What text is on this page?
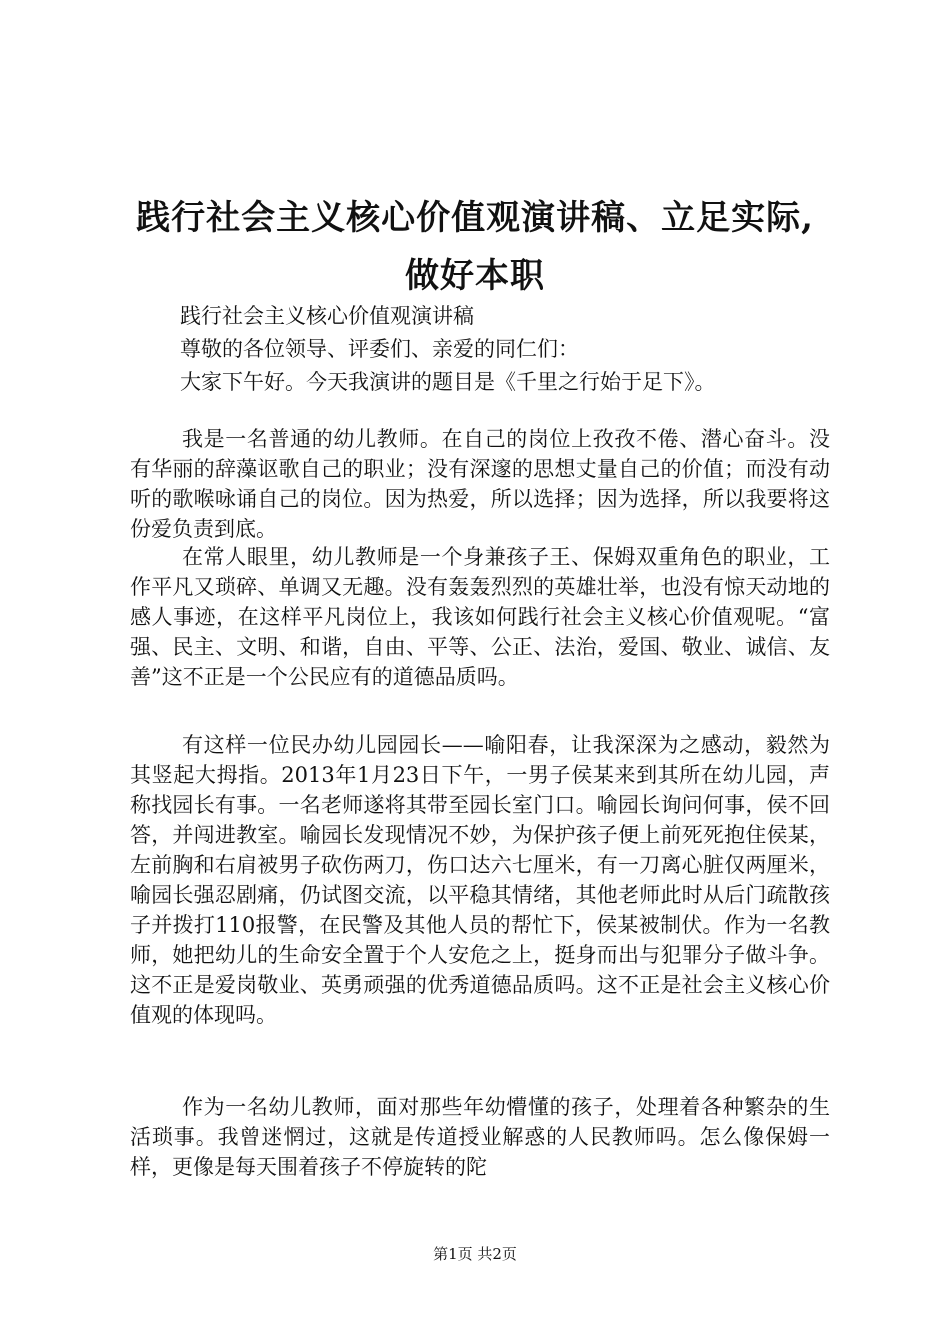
践行社会主义核心价值观演讲稿、立足实际,
做好本职
践行社会主义核心价值观演讲稿
尊敬的各位领导、评委们、亲爱的同仁们：
大家下午好。今天我演讲的题目是《千里之行始于足下》。
我是一名普通的幼儿教师。在自己的岗位上孜孜不倦、潜心奋斗。没有华丽的辞藻讴歌自己的职业；没有深邃的思想丈量自己的价值；而没有动听的歌喉咏诵自己的岗位。因为热爱，所以选择；因为选择，所以我要将这份爱负责到底。
在常人眼里，幼儿教师是一个身兼孩子王、保姆双重角色的职业，工作平凡又琐碎、单调又无趣。没有轰轰烈烈的英雄壮举，也没有惊天动地的感人事迹，在这样平凡岗位上，我该如何践行社会主义核心价值观呢。“富强、民主、文明、和谐，自由、平等、公正、法治，爱国、敬业、诚信、友善”这不正是一个公民应有的道德品质吗。
有这样一位民办幼儿园园长——喻阳春，让我深深为之感动，毅然为其竖起大拇指。2013年1月23日下午，一男子侯某来到其所在幼儿园，声称找园长有事。一名老师遂将其带至园长室门口。喻园长询问何事，侯不回答，并闯进教室。喻园长发现情况不妙，为保护孩子便上前死死抱住侯某，左前胸和右肩被男子砍伤两刀，伤口达六七厘米，有一刀离心脏仅两厘米，喻园长强忍剧痛，仍试图交流，以平稳其情绪，其他老师此时从后门疏散孩子并拨打110报警，在民警及其他人员的帮忙下，侯某被制伏。作为一名教师，她把幼儿的生命安全置于个人安危之上，挺身而出与犯罪分子做斗争。这不正是爱岗敬业、英勇顽强的优秀道德品质吗。这不正是社会主义核心价值观的体现吗。
作为一名幼儿教师，面对那些年幼懵懂的孩子，处理着各种繁杂的生活琐事。我曾迷惘过，这就是传道授业解惑的人民教师吗。怎么像保姆一样，更像是每天围着孩子不停旋转的陀
第1页 共2页
